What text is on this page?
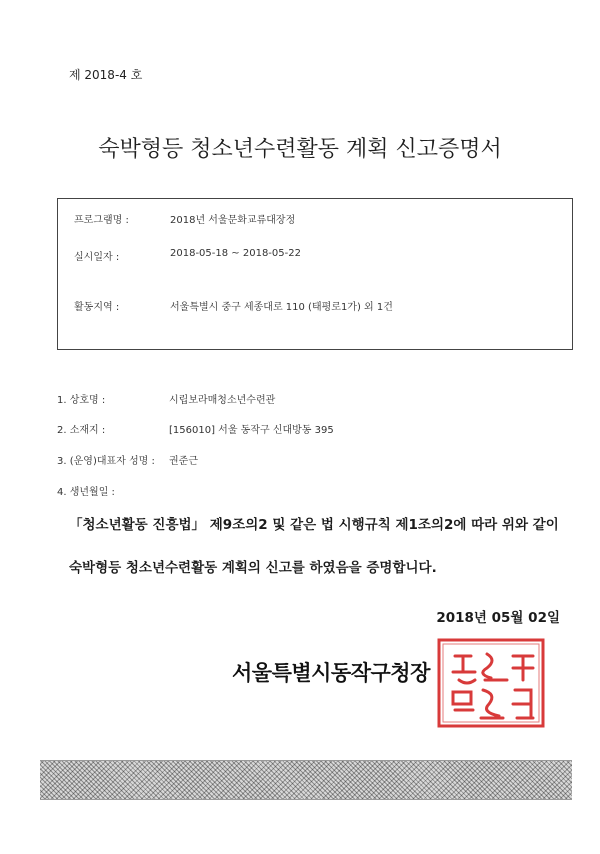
제 2018-4 호
숙박형등 청소년수련활동 계획 신고증명서
프로그램명 :	2018년 서울문화교류대장정
실시일자 :	2018-05-18 ~ 2018-05-22
활동지역 :	서울특별시 중구 세종대로 110 (태평로1가) 외 1건
1. 상호명 :	시립보라매청소년수련관
2. 소재지 :	[156010] 서울 동작구 신대방동 395
3. (운영)대표자 성명 : 권준근
4. 생년월일 :
「청소년활동 진흥법」 제9조의2 및 같은 법 시행규칙 제1조의2에 따라 위와 같이
숙박형등 청소년수련활동 계획의 신고를 하였음을 증명합니다.
2018년 05월 02일
서울특별시동작구청장
